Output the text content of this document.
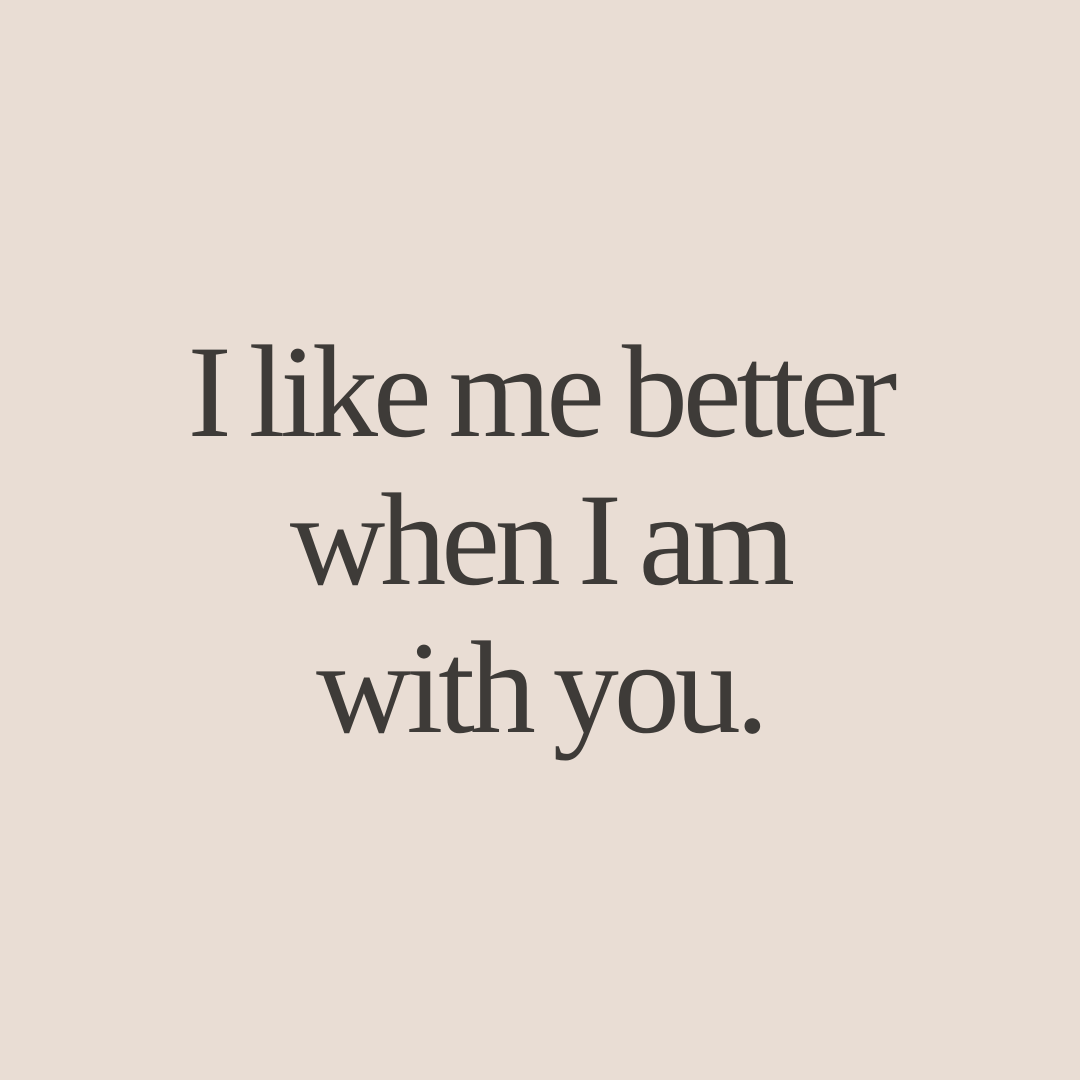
I like me better
when I am
with you.
